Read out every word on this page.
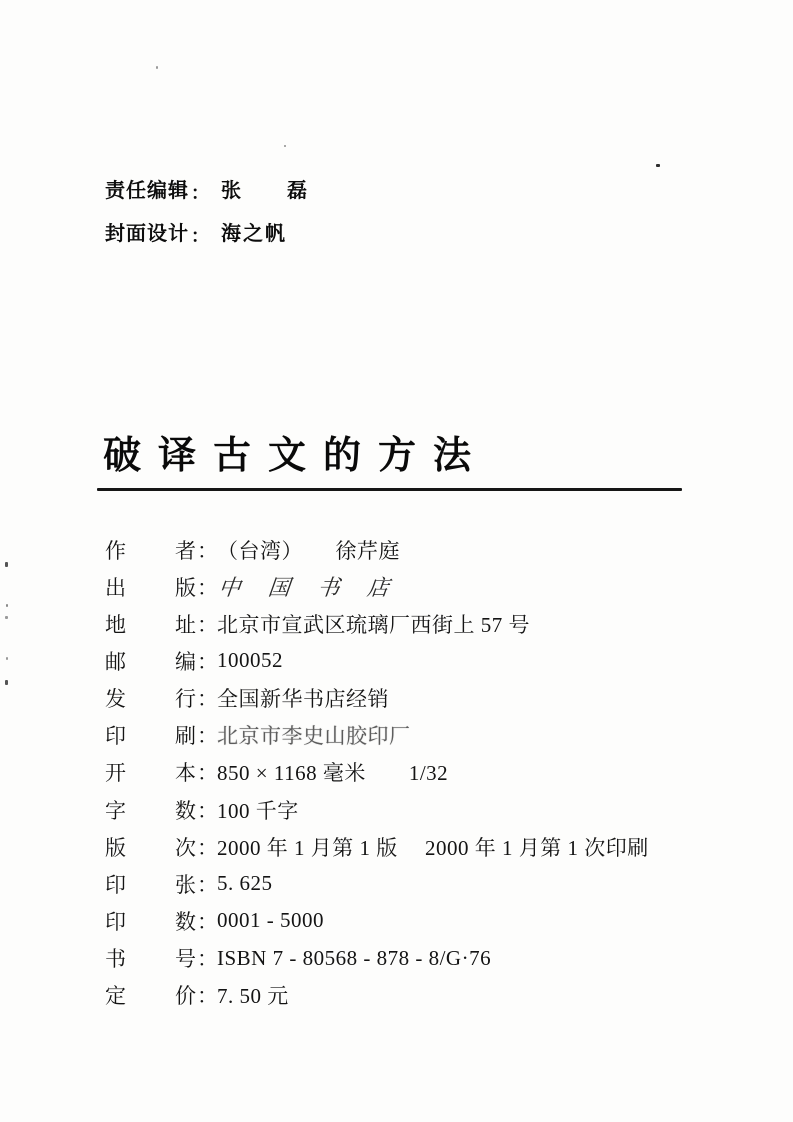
责任编辑 ： 张　　磊
封面设计 ： 海之帆
破译古文的方法
作者 ： （台湾）　　徐芹庭
出版 ： 中 国 书 店
地址 ： 北京市宣武区琉璃厂西街上 57 号
邮编 ： 100052
发行 ： 全国新华书店经销
印刷 ： 北京市李史山胶印厂
开本 ： 850 × 1168 毫米　　1/32
字数 ： 100 千字
版次 ： 2000 年 1 月第 1 版　 2000 年 1 月第 1 次印刷
印张 ： 5. 625
印数 ： 0001 - 5000
书号 ： ISBN 7 - 80568 - 878 - 8/G·76
定价 ： 7. 50 元
